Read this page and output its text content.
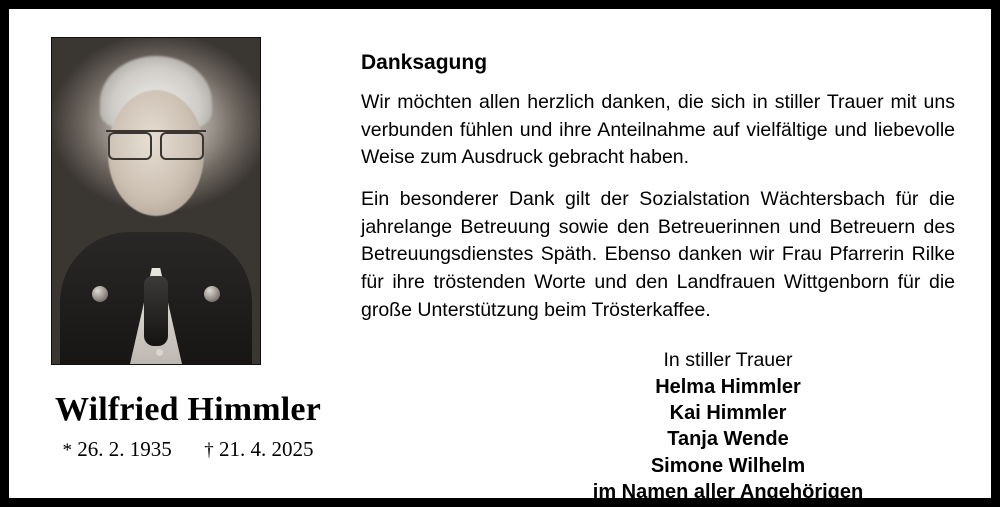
Wilfried Himmler
* 26. 2. 1935 † 21. 4. 2025
Danksagung

Wir möchten allen herzlich danken, die sich in stiller Trauer mit uns verbunden fühlen und ihre Anteilnahme auf vielfältige und liebevolle Weise zum Ausdruck gebracht haben.

Ein besonderer Dank gilt der Sozialstation Wächtersbach für die jahrelange Betreuung sowie den Betreuerinnen und Betreuern des Betreuungsdienstes Späth. Ebenso danken wir Frau Pfarrerin Rilke für ihre tröstenden Worte und den Landfrauen Wittgenborn für die große Unterstützung beim Trösterkaffee.

In stiller Trauer
Helma Himmler
Kai Himmler
Tanja Wende
Simone Wilhelm
im Namen aller Angehörigen
